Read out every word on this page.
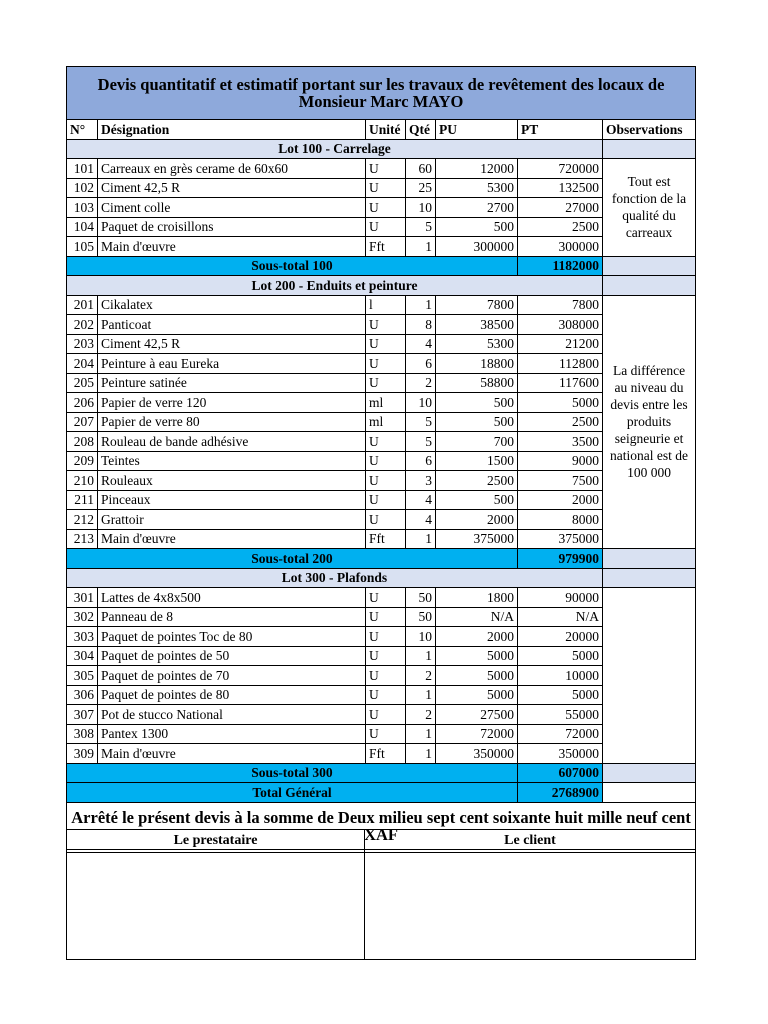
Devis quantitatif et estimatif portant sur les travaux de revêtement des locaux de Monsieur Marc MAYO						
N°	Désignation	Unité	Qté	PU	PT	Observations
Lot 100 - Carrelage						
101	Carreaux en grès cerame de 60x60	U	60	12000	720000	Tout est fonction de la qualité du carreaux
102	Ciment 42,5 R	U	25	5300	132500	
103	Ciment colle	U	10	2700	27000	
104	Paquet de croisillons	U	5	500	2500	
105	Main d'œuvre	Fft	1	300000	300000	
Sous-total 100					1182000	
Lot 200 - Enduits et peinture						
201	Cikalatex	l	1	7800	7800	La différence au niveau du devis entre les produits seigneurie et national est de 100 000
202	Panticoat	U	8	38500	308000	
203	Ciment 42,5 R	U	4	5300	21200	
204	Peinture à eau Eureka	U	6	18800	112800	
205	Peinture satinée	U	2	58800	117600	
206	Papier de verre 120	ml	10	500	5000	
207	Papier de verre 80	ml	5	500	2500	
208	Rouleau de bande adhésive	U	5	700	3500	
209	Teintes	U	6	1500	9000	
210	Rouleaux	U	3	2500	7500	
211	Pinceaux	U	4	500	2000	
212	Grattoir	U	4	2000	8000	
213	Main d'œuvre	Fft	1	375000	375000	
Sous-total 200					979900	
Lot 300 - Plafonds						
301	Lattes de 4x8x500	U	50	1800	90000	
302	Panneau de 8	U	50	N/A	N/A	
303	Paquet de pointes Toc de 80	U	10	2000	20000	
304	Paquet de pointes de 50	U	1	5000	5000	
305	Paquet de pointes de 70	U	2	5000	10000	
306	Paquet de pointes de 80	U	1	5000	5000	
307	Pot de stucco National	U	2	27500	55000	
308	Pantex 1300	U	1	72000	72000	
309	Main d'œuvre	Fft	1	350000	350000	
Sous-total 300					607000	
Total Général					2768900	
Arrêté le présent devis à la somme de Deux milieu sept cent soixante huit mille neuf cent XAF						
Le prestataire	Le client
